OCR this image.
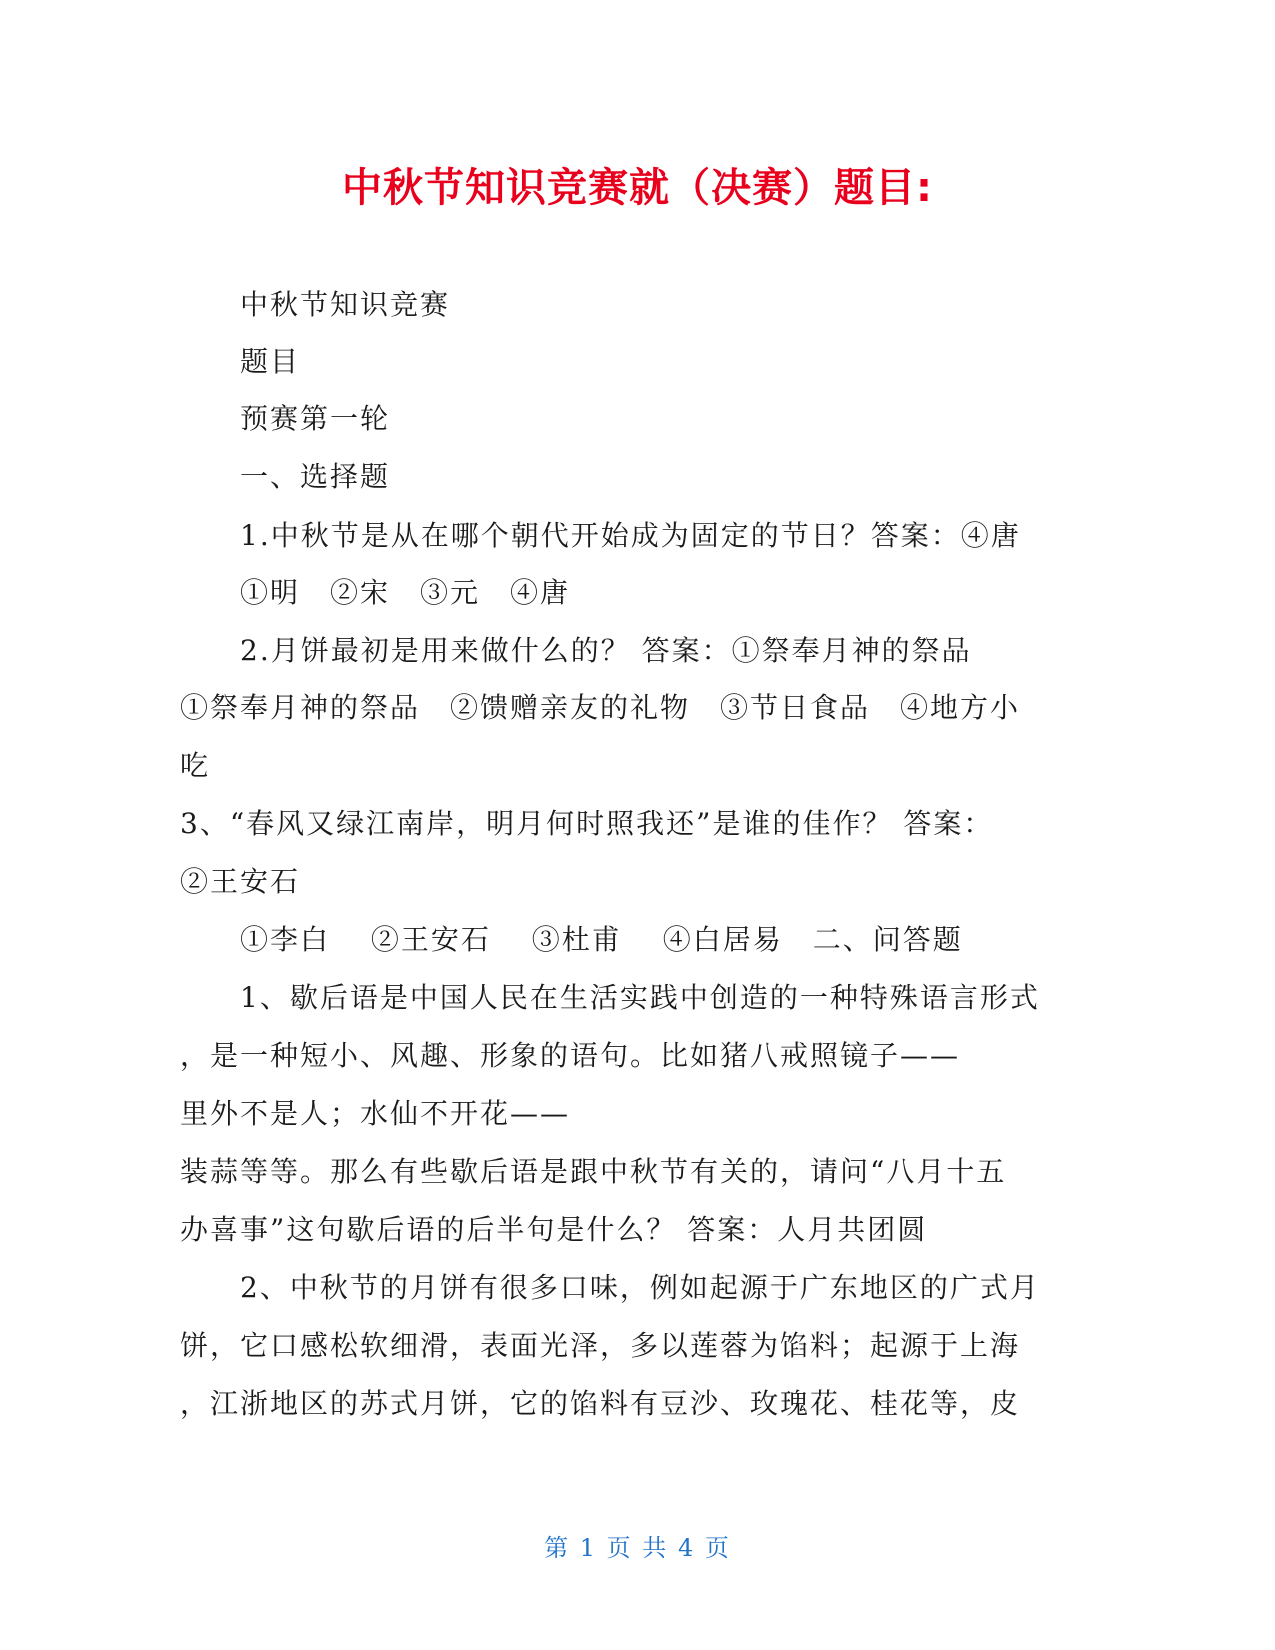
中秋节知识竞赛就（决赛）题目:
中秋节知识竞赛
题目
预赛第一轮
一、选择题
1.中秋节是从在哪个朝代开始成为固定的节日？答案：④唐
①明　②宋　③元　④唐
2.月饼最初是用来做什么的？ 答案：①祭奉月神的祭品
①祭奉月神的祭品　②馈赠亲友的礼物　③节日食品　④地方小
吃
3、“春风又绿江南岸，明月何时照我还”是谁的佳作？ 答案：
②王安石
①李白　 ②王安石　 ③杜甫　 ④白居易　二、问答题
1、歇后语是中国人民在生活实践中创造的一种特殊语言形式
，是一种短小、风趣、形象的语句。比如猪八戒照镜子——
里外不是人；水仙不开花——
装蒜等等。那么有些歇后语是跟中秋节有关的，请问“八月十五
办喜事”这句歇后语的后半句是什么？ 答案：人月共团圆
2、中秋节的月饼有很多口味，例如起源于广东地区的广式月
饼，它口感松软细滑，表面光泽，多以莲蓉为馅料；起源于上海
，江浙地区的苏式月饼，它的馅料有豆沙、玫瑰花、桂花等，皮
第 1 页 共 4 页
